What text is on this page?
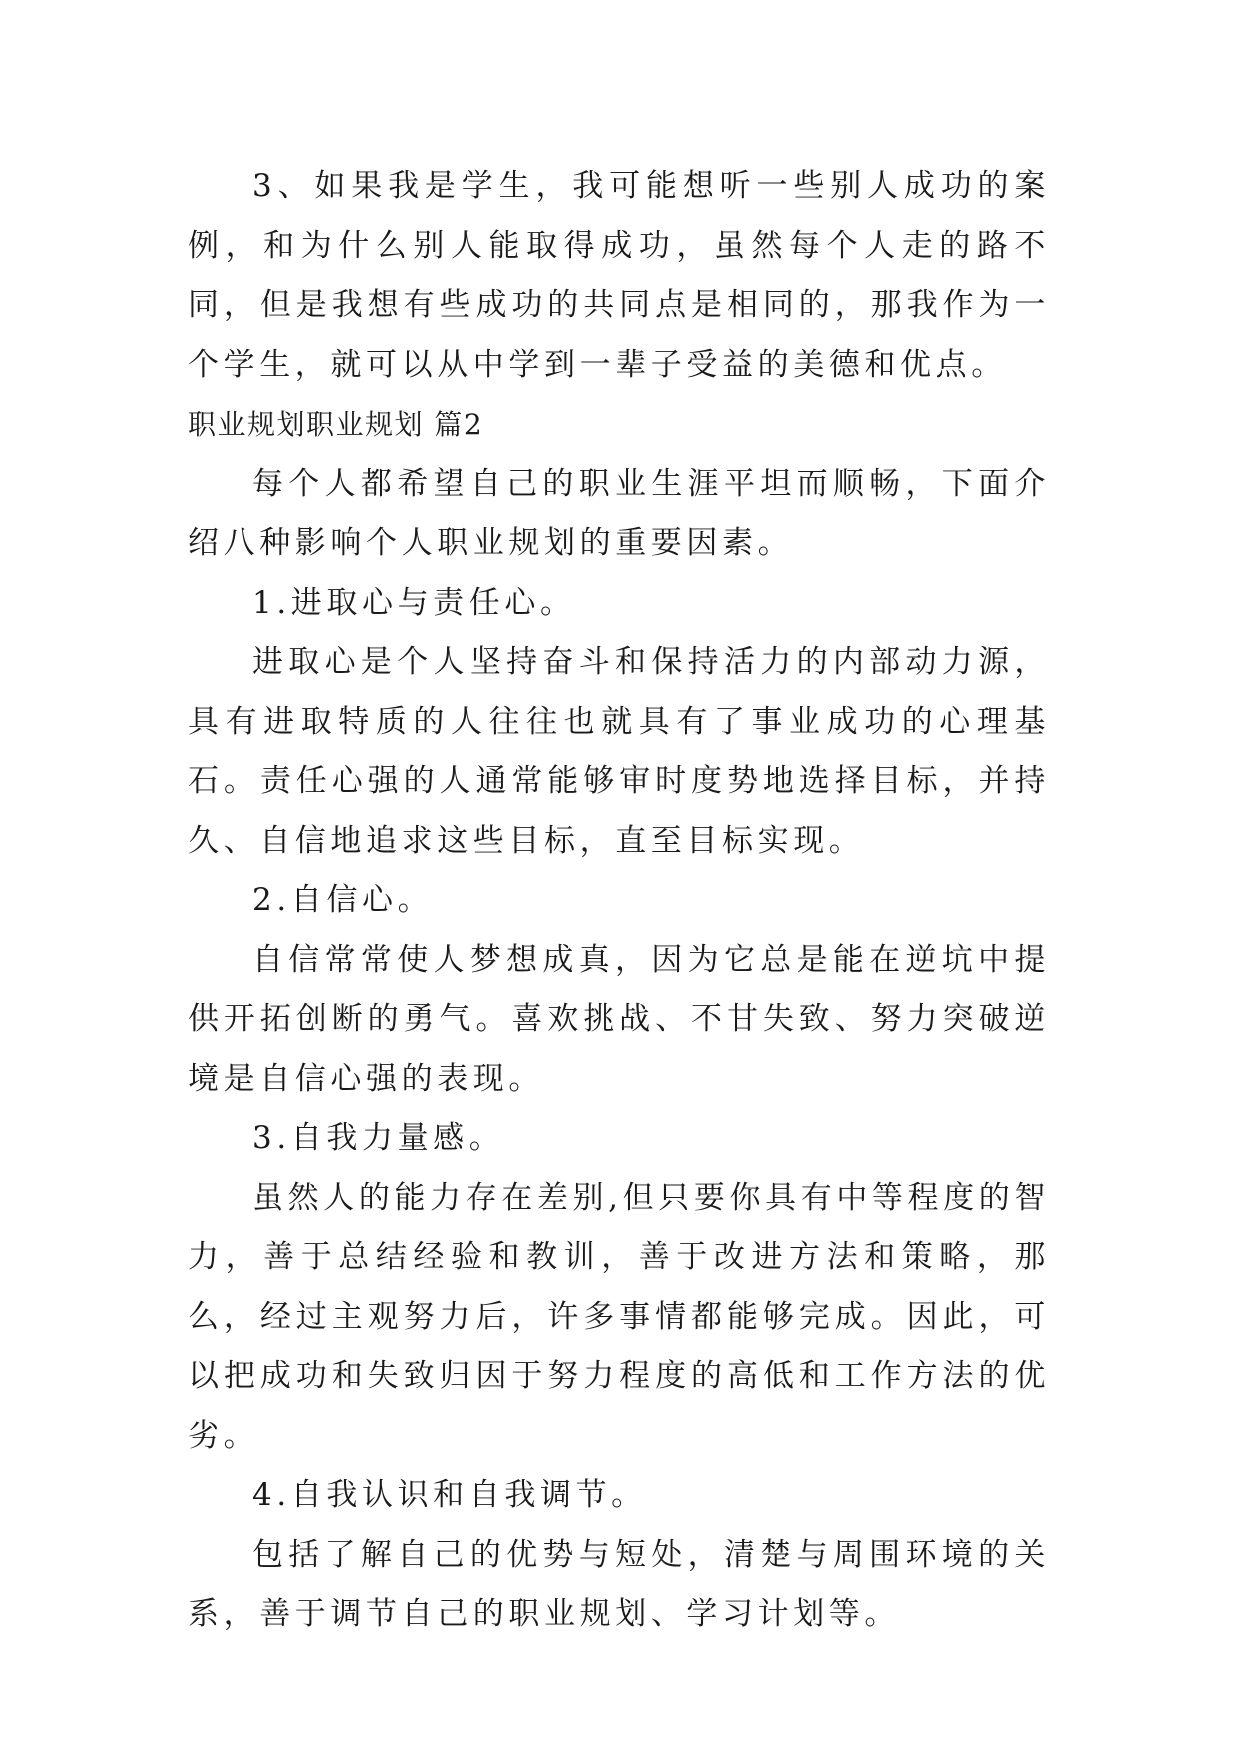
3、如果我是学生，我可能想听一些别人成功的案例，和为什么别人能取得成功，虽然每个人走的路不同，但是我想有些成功的共同点是相同的，那我作为一个学生，就可以从中学到一辈子受益的美德和优点。

职业规划职业规划 篇2

每个人都希望自己的职业生涯平坦而顺畅，下面介绍八种影响个人职业规划的重要因素。

1.进取心与责任心。

进取心是个人坚持奋斗和保持活力的内部动力源，具有进取特质的人往往也就具有了事业成功的心理基石。责任心强的人通常能够审时度势地选择目标，并持久、自信地追求这些目标，直至目标实现。

2.自信心。

自信常常使人梦想成真，因为它总是能在逆坑中提供开拓创断的勇气。喜欢挑战、不甘失致、努力突破逆境是自信心强的表现。

3.自我力量感。

虽然人的能力存在差别,但只要你具有中等程度的智力，善于总结经验和教训，善于改进方法和策略，那么，经过主观努力后，许多事情都能够完成。因此，可以把成功和失致归因于努力程度的高低和工作方法的优劣。

4.自我认识和自我调节。

包括了解自己的优势与短处，清楚与周围环境的关系，善于调节自己的职业规划、学习计划等。
